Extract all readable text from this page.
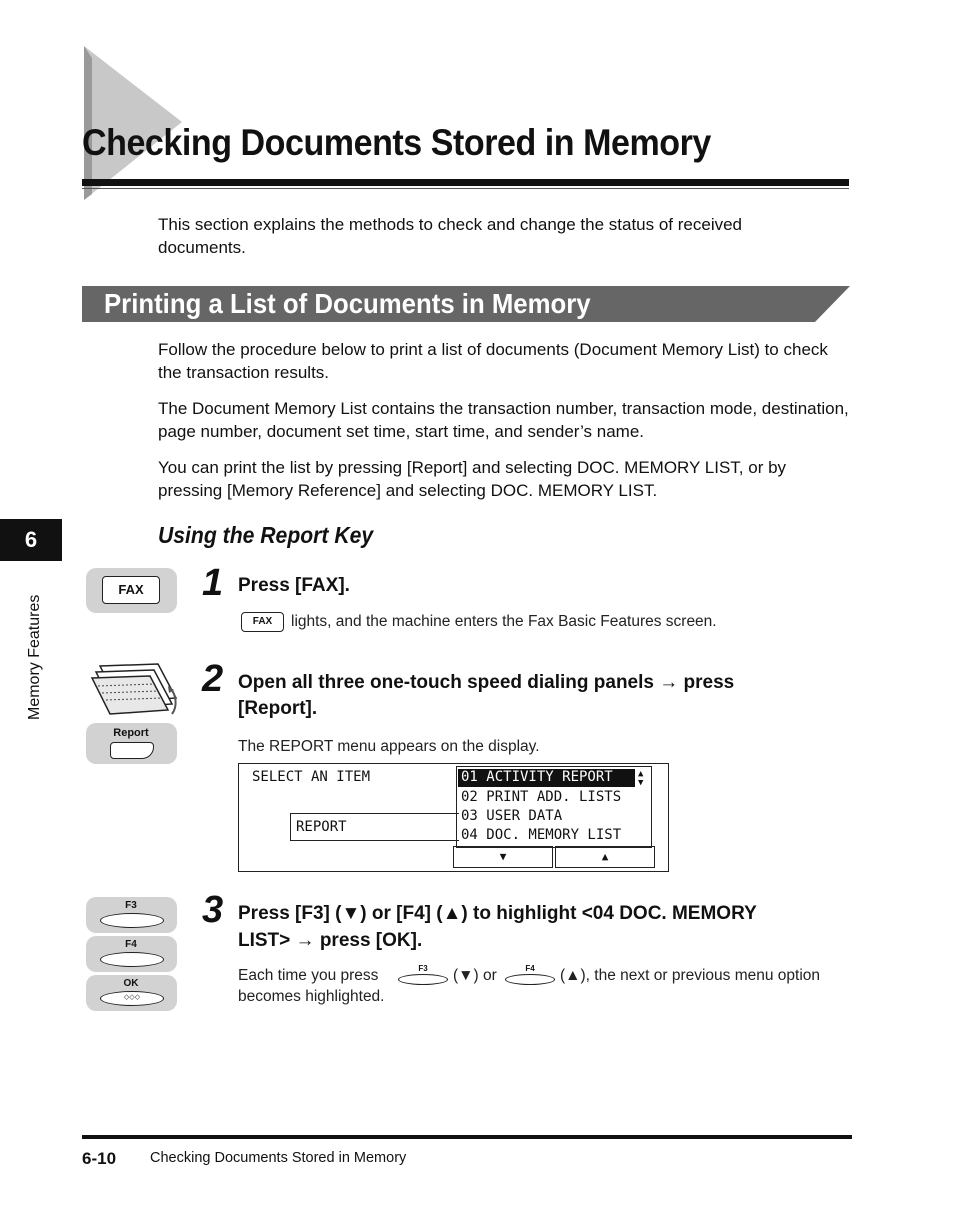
Checking Documents Stored in Memory
This section explains the methods to check and change the status of received documents.
Printing a List of Documents in Memory
Follow the procedure below to print a list of documents (Document Memory List) to check the transaction results.
The Document Memory List contains the transaction number, transaction mode, destination, page number, document set time, start time, and sender’s name.
You can print the list by pressing [Report] and selecting DOC. MEMORY LIST, or by pressing [Memory Reference] and selecting DOC. MEMORY LIST.
Using the Report Key
6
Memory Features
FAX	1 Press [FAX].
FAX	lights, and the machine enters the Fax Basic Features screen.
Report
2 Open all three one-touch speed dialing panels → press
[Report].
The REPORT menu appears on the display.
SELECT AN ITEM
REPORT
01 ACTIVITY REPORT
02 PRINT ADD. LISTS
03 USER DATA
04 DOC. MEMORY LIST
▲
▼
▼	▲
F3
F4
OK
◇◇◇
3 Press [F3] (▼) or [F4] (▲) to highlight <04 DOC. MEMORY
LIST> → press [OK].
Each time you press	F3	(▼) or	F4	(▲), the next or previous menu option
becomes highlighted.
6-10 Checking Documents Stored in Memory
